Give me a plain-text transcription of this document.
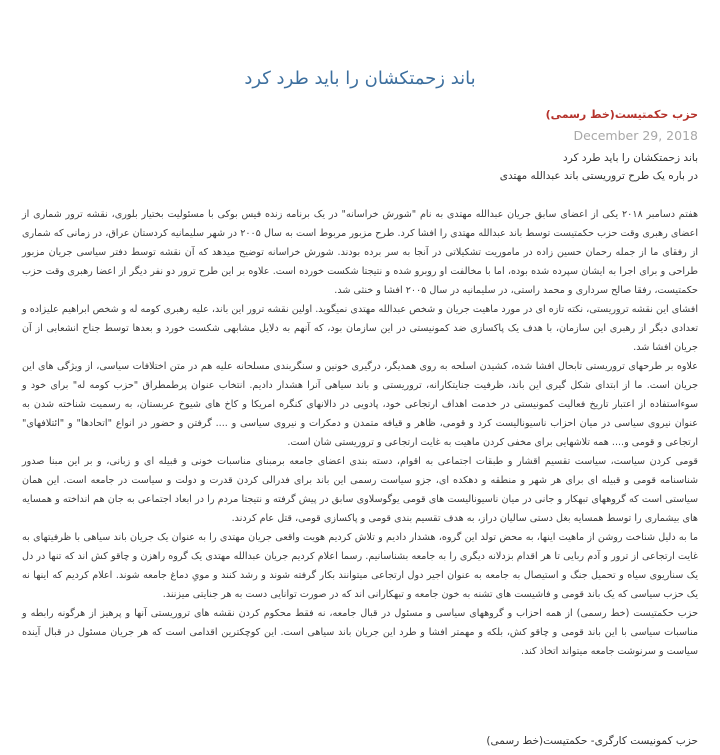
باند زحمتکشان را باید طرد کرد
حزب حکمتیست(خط رسمی)
December 29, 2018
باند زحمتکشان را باید طرد کرد
در باره یک طرح تروریستی باند عبدالله مهتدی

هفتم دسامبر ۲۰۱۸ یکی از اعضای سابق جریان عبدالله مهتدی به نام "شورش خراسانه" در یک برنامه زنده فیس بوکی با مسئولیت بختیار بلوری، نقشه ترور شماری از اعضای رهبری وقت حزب حکمتیست توسط باند عبدالله مهتدی را افشا کرد. طرح مزبور مربوط است به سال ۲۰۰۵ در شهر سلیمانیه کردستان عراق، در زمانی که شماری از رفقای ما از جمله رحمان حسین زاده در ماموریت تشکیلاتی در آنجا به سر برده بودند. شورش خراسانه توضیح میدهد که آن نقشه توسط دفتر سیاسی جریان مزبور طراحی و برای اجرا به ایشان سپرده شده بوده، اما با مخالفت او روبرو شده و نتیجتا شکست خورده است. علاوه بر این طرح ترور دو نفر دیگر از اعضا رهبری وقت حزب حکمتیست، رفقا صالح سرداری و محمد راستی، در سلیمانیه در سال ۲۰۰۵ افشا و خنثی شد.

افشای این نقشه تروریستی، نکته تازه ای در مورد ماهیت جریان و شخص عبدالله مهتدی نمیگوید. اولین نقشه ترور این باند، علیه رهبری کومه له و شخص ابراهیم علیزاده و تعدادی دیگر از رهبری این سازمان، با هدف یک پاکسازی ضد کمونیستی در این سازمان بود، که آنهم به دلایل مشابهی شکست خورد و بعدها توسط جناح انشعابی از آن جریان افشا شد.

علاوه بر طرحهای تروریستی تابحال افشا شده، کشیدن اسلحه به روی همدیگر، درگیری خونین و سنگربندی مسلحانه علیه هم در متن اختلافات سیاسی، از ویژگی های این جریان است. ما از ابتدای شکل گیری این باند، ظرفیت جنایتکارانه، تروریستی و باند سیاهی آنرا هشدار دادیم. انتخاب عنوان پرطمطراق "حزب کومه له" برای خود و سوءاستفاده از اعتبار تاریخ فعالیت کمونیستی در خدمت اهداف ارتجاعی خود، پادویی در دالانهای کنگره امریکا و کاخ های شیوخ عربستان، به رسمیت شناخته شدن به عنوان نیروی سیاسی در میان احزاب ناسیونالیست کرد و قومی، ظاهر و قیافه متمدن و دمکرات و نیروی سیاسی و .... گرفتن و حضور در انواع "اتحادها" و "ائتلافهای" ارتجاعی و قومی و.... همه تلاشهایی برای مخفی کردن ماهیت به غایت ارتجاعی و تروریستی شان است.

قومی کردن سیاست، سیاست تقسیم اقشار و طبقات اجتماعی به اقوام، دسته بندی اعضای جامعه برمبنای مناسبات خونی و قبیله ای و زبانی، و بر این مبنا صدور شناسنامه قومی و قبیله ای برای هر شهر و منطقه و دهکده ای، جزو سیاست رسمی این باند برای فدرالی کردن قدرت و دولت و سیاست در جامعه است. این همان سیاستی است که گروههای تبهکار و جانی در میان ناسیونالیست های قومی یوگوسلاوی سابق در پیش گرفته و نتیجتا مردم را در ابعاد اجتماعی به جان هم انداخته و همسایه های بیشماری را توسط همسایه بغل دستی سالیان دراز، به هدف تقسیم بندی قومی و پاکسازی قومی، قتل عام کردند.

ما به دلیل شناخت روشن از ماهیت اینها، به محض تولد این گروه، هشدار دادیم و تلاش کردیم هویت واقعی جریان مهتدی را به عنوان یک جریان باند سیاهی با ظرفیتهای به غایت ارتجاعی از ترور و آدم ربایی تا هر اقدام بزدلانه دیگری را به جامعه بشناسانیم. رسما اعلام کردیم جریان عبدالله مهتدی یک گروه راهزن و چاقو کش اند که تنها در دل یک سناریوی سیاه و تحمیل جنگ و استیصال به جامعه به عنوان اجیر دول ارتجاعی میتوانند بکار گرفته شوند و رشد کنند و مویِ دماغ جامعه شوند. اعلام کردیم که اینها نه یک حزب سیاسی که یک باند قومی و فاشیست های تشنه به خون جامعه و تبهکارانی اند که در صورت توانایی دست به هر جنایتی میزنند.

حزب حکمتیست (خط رسمی) از همه احزاب و گروههای سیاسی و مسئول در قبال جامعه، نه فقط محکوم کردن نقشه های تروریستی آنها و پرهیز از هرگونه رابطه و مناسبات سیاسی با این باند قومی و چاقو کش، بلکه و مهمتر افشا و طرد این جریان باند سیاهی است. این کوچکترین اقدامی است که هر جریان مسئول در قبال آینده سیاست و سرنوشت جامعه میتواند اتخاذ کند.

حزب کمونیست کارگری- حکمتیست(خط رسمی)
